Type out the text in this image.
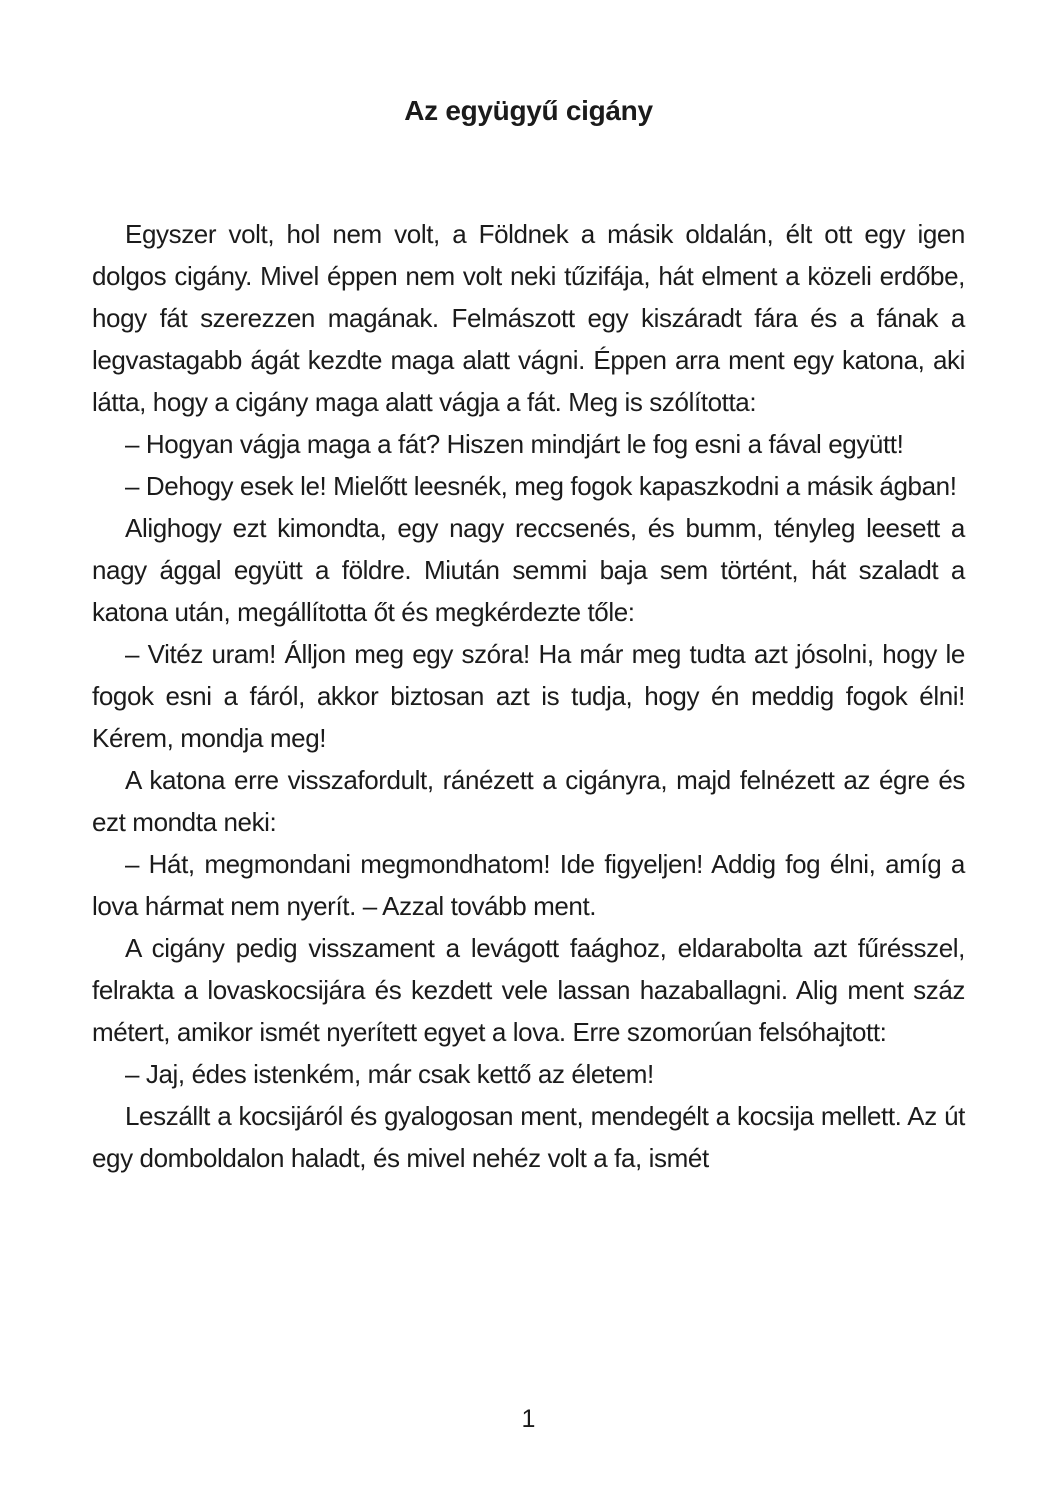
Az együgyű cigány

Egyszer volt, hol nem volt, a Földnek a másik oldalán, élt ott egy igen dolgos cigány. Mivel éppen nem volt neki tűzifája, hát elment a közeli erdőbe, hogy fát szerezzen magának. Felmászott egy kiszáradt fára és a fának a legvastagabb ágát kezdte maga alatt vágni. Éppen arra ment egy katona, aki látta, hogy a cigány maga alatt vágja a fát. Meg is szólította:

– Hogyan vágja maga a fát? Hiszen mindjárt le fog esni a fával együtt!

– Dehogy esek le! Mielőtt leesnék, meg fogok kapaszkodni a másik ágban!

Alighogy ezt kimondta, egy nagy reccsenés, és bumm, tényleg leesett a nagy ággal együtt a földre. Miután semmi baja sem történt, hát szaladt a katona után, megállította őt és megkérdezte tőle:

– Vitéz uram! Álljon meg egy szóra! Ha már meg tudta azt jósolni, hogy le fogok esni a fáról, akkor biztosan azt is tudja, hogy én meddig fogok élni! Kérem, mondja meg!

A katona erre visszafordult, ránézett a cigányra, majd felnézett az égre és ezt mondta neki:

– Hát, megmondani megmondhatom! Ide figyeljen! Addig fog élni, amíg a lova hármat nem nyerít. – Azzal tovább ment.

A cigány pedig visszament a levágott faághoz, eldarabolta azt fűrésszel, felrakta a lovaskocsijára és kezdett vele lassan hazaballagni. Alig ment száz métert, amikor ismét nyerített egyet a lova. Erre szomorúan felsóhajtott:

– Jaj, édes istenkém, már csak kettő az életem!

Leszállt a kocsijáról és gyalogosan ment, mendegélt a kocsija mellett. Az út egy domboldalon haladt, és mivel nehéz volt a fa, ismét

1
